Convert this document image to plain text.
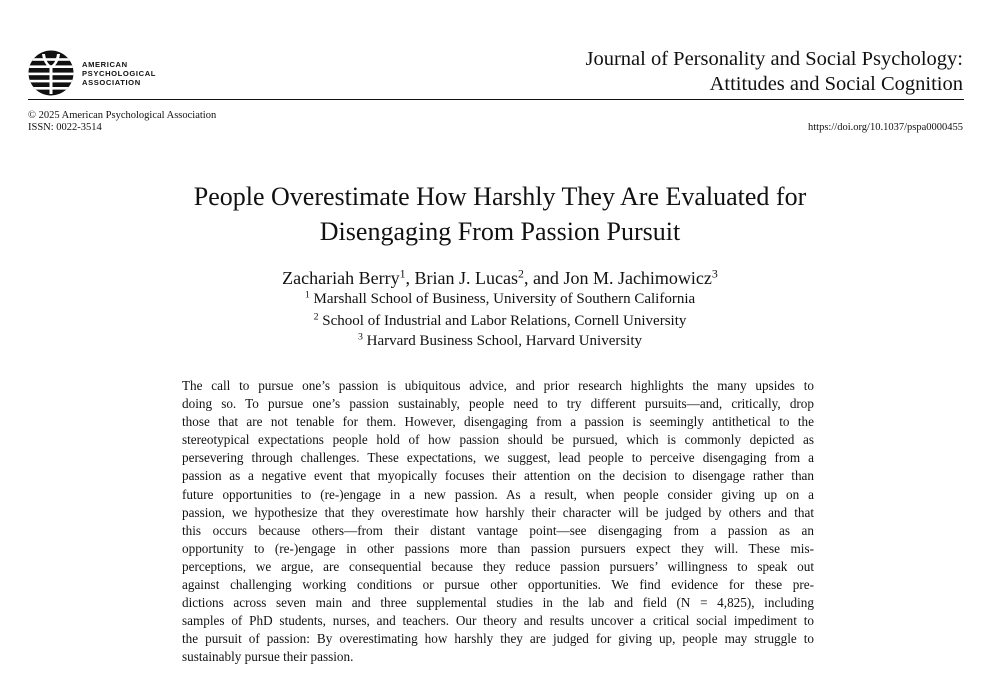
AMERICAN
PSYCHOLOGICAL
ASSOCIATION
Journal of Personality and Social Psychology:
Attitudes and Social Cognition
© 2025 American Psychological Association
ISSN: 0022-3514	https://doi.org/10.1037/pspa0000455
People Overestimate How Harshly They Are Evaluated for
Disengaging From Passion Pursuit
Zachariah Berry$^1$, Brian J. Lucas$^2$, and Jon M. Jachimowicz$^3$
$^1$ Marshall School of Business, University of Southern California
$^2$ School of Industrial and Labor Relations, Cornell University
$^3$ Harvard Business School, Harvard University
The call to pursue one’s passion is ubiquitous advice, and prior research highlights the many upsides to
doing so. To pursue one’s passion sustainably, people need to try different pursuits—and, critically, drop
those that are not tenable for them. However, disengaging from a passion is seemingly antithetical to the
stereotypical expectations people hold of how passion should be pursued, which is commonly depicted as
persevering through challenges. These expectations, we suggest, lead people to perceive disengaging from a
passion as a negative event that myopically focuses their attention on the decision to disengage rather than
future opportunities to (re-)engage in a new passion. As a result, when people consider giving up on a
passion, we hypothesize that they overestimate how harshly their character will be judged by others and that
this occurs because others—from their distant vantage point—see disengaging from a passion as an
opportunity to (re-)engage in other passions more than passion pursuers expect they will. These mis-
perceptions, we argue, are consequential because they reduce passion pursuers’ willingness to speak out
against challenging working conditions or pursue other opportunities. We find evidence for these pre-
dictions across seven main and three supplemental studies in the lab and field (N = 4,825), including
samples of PhD students, nurses, and teachers. Our theory and results uncover a critical social impediment to
the pursuit of passion: By overestimating how harshly they are judged for giving up, people may struggle to
sustainably pursue their passion.
